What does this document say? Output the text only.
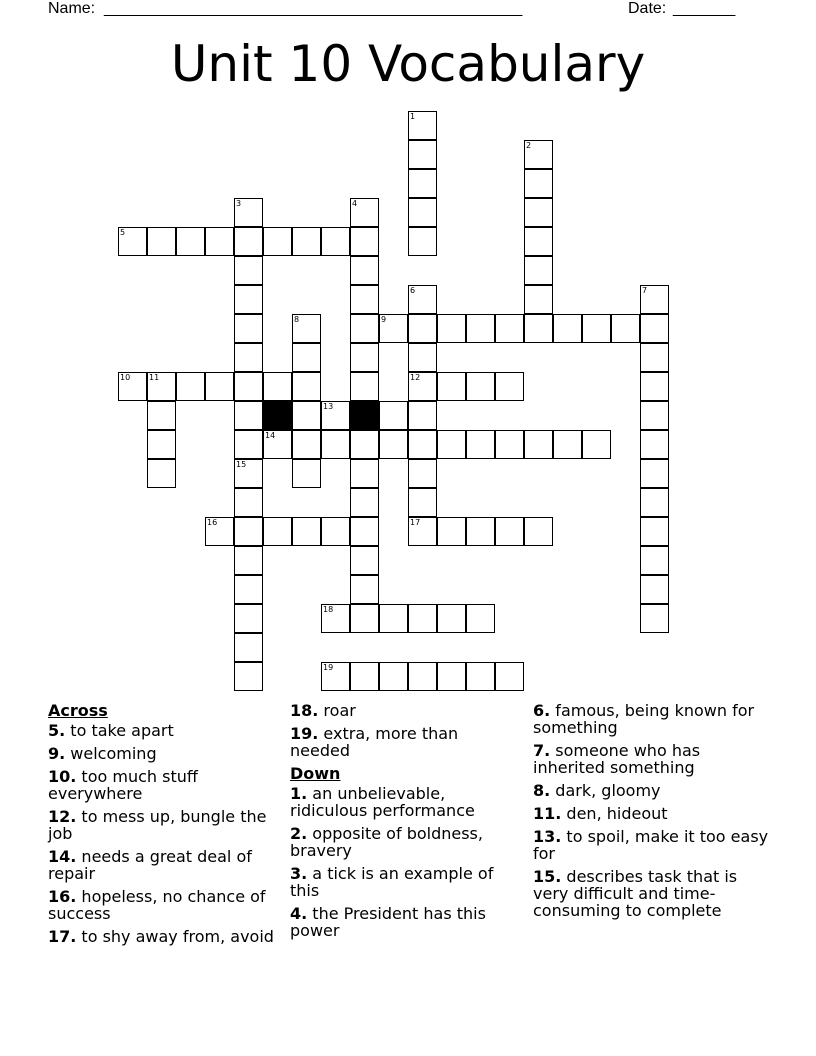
Name: _______________________________________________	Date: _______
Unit 10 Vocabulary
1
2
3	4
5
6	7
8	9
10 11	12
13
14
15
16	17
18
19
Across
5. to take apart
9. welcoming
10. too much stuff everywhere
12. to mess up, bungle the job
14. needs a great deal of repair
16. hopeless, no chance of success
17. to shy away from, avoid
18. roar
19. extra, more than needed
Down
1. an unbelievable, ridiculous performance
2. opposite of boldness, bravery
3. a tick is an example of this
4. the President has this power
6. famous, being known for something
7. someone who has inherited something
8. dark, gloomy
11. den, hideout
13. to spoil, make it too easy for
15. describes task that is very difficult and time-consuming to complete
